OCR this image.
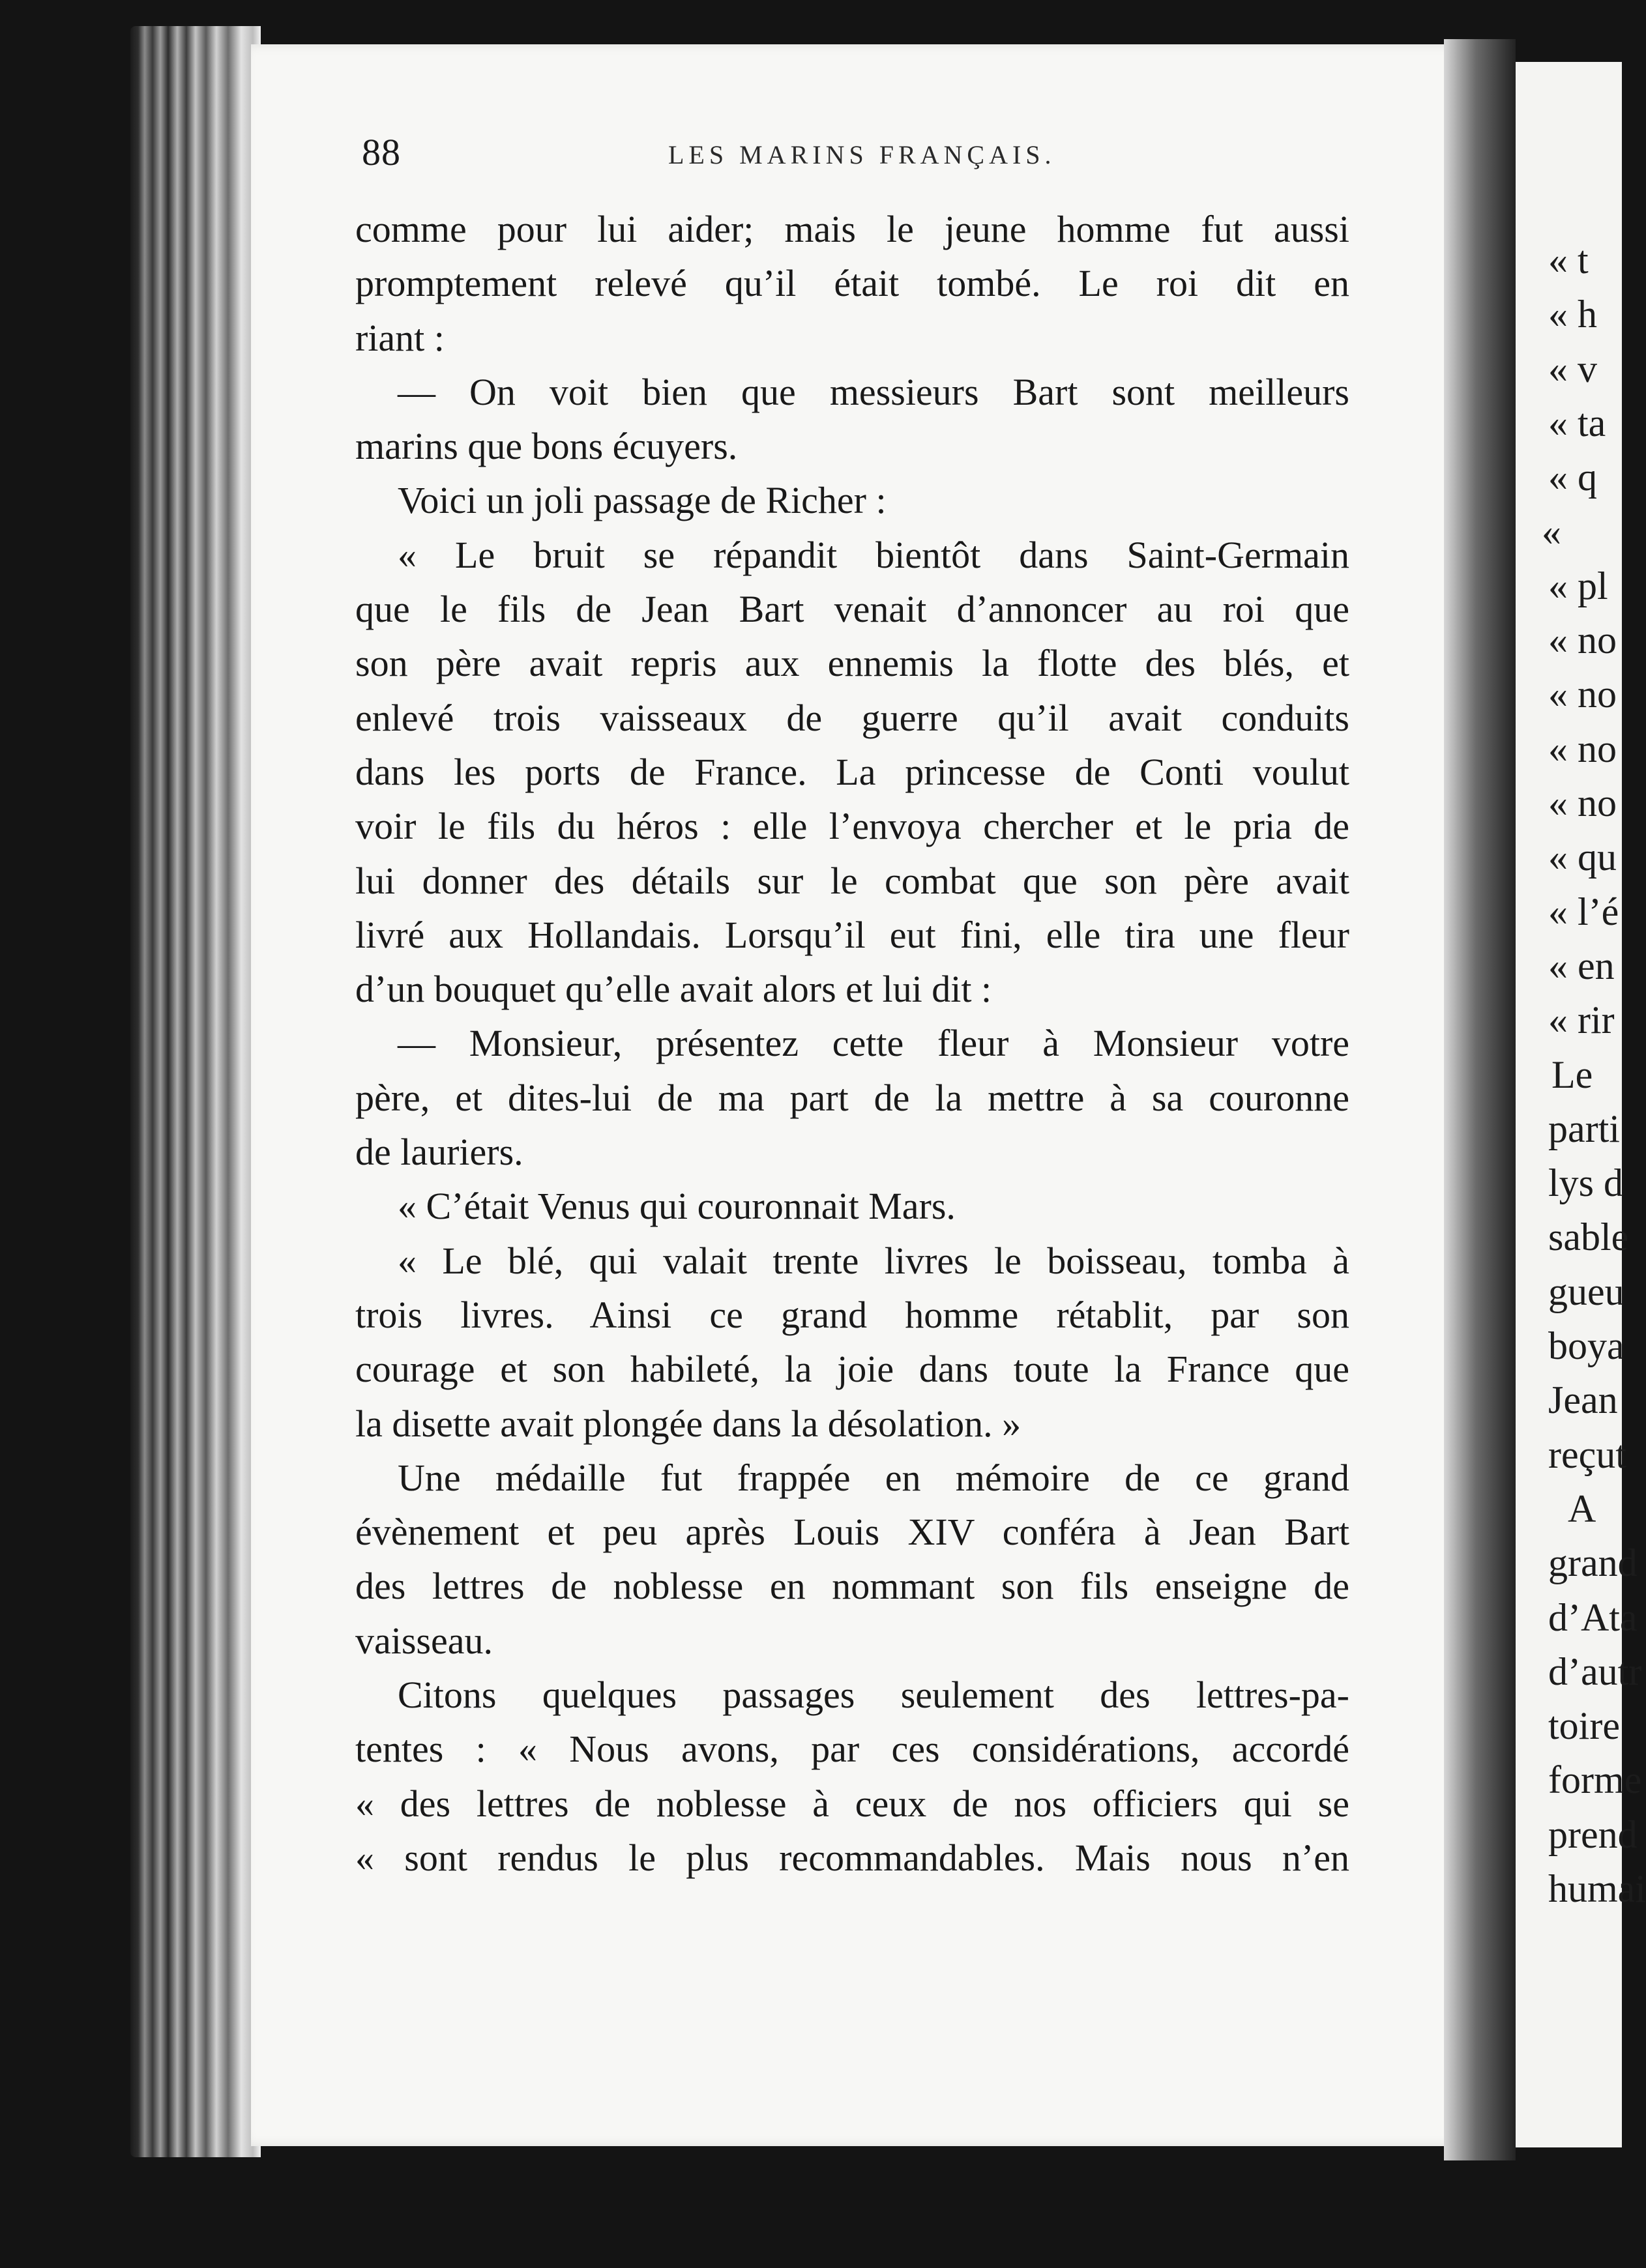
« t
« h
« v
« ta
« q
«
« pl
« no
« no
« no
« no
« qu
« l’é
« en
« rir
Le
parti
lys d
sable
gueu
boya
Jean
reçut
A
grand
d’Ata
d’autr
toire
forme
prend
humai
88	LES MARINS FRANÇAIS.
comme pour lui aider; mais le jeune homme fut aussi
promptement relevé qu’il était tombé. Le roi dit en
riant :
— On voit bien que messieurs Bart sont meilleurs
marins que bons écuyers.
Voici un joli passage de Richer :
« Le bruit se répandit bientôt dans Saint-Germain
que le fils de Jean Bart venait d’annoncer au roi que
son père avait repris aux ennemis la flotte des blés, et
enlevé trois vaisseaux de guerre qu’il avait conduits
dans les ports de France. La princesse de Conti voulut
voir le fils du héros : elle l’envoya chercher et le pria de
lui donner des détails sur le combat que son père avait
livré aux Hollandais. Lorsqu’il eut fini, elle tira une fleur
d’un bouquet qu’elle avait alors et lui dit :
— Monsieur, présentez cette fleur à Monsieur votre
père, et dites-lui de ma part de la mettre à sa couronne
de lauriers.
« C’était Venus qui couronnait Mars.
« Le blé, qui valait trente livres le boisseau, tomba à
trois livres. Ainsi ce grand homme rétablit, par son
courage et son habileté, la joie dans toute la France que
la disette avait plongée dans la désolation. »
Une médaille fut frappée en mémoire de ce grand
évènement et peu après Louis XIV conféra à Jean Bart
des lettres de noblesse en nommant son fils enseigne de
vaisseau.
Citons quelques passages seulement des lettres-pa-
tentes : « Nous avons, par ces considérations, accordé
« des lettres de noblesse à ceux de nos officiers qui se
« sont rendus le plus recommandables. Mais nous n’en
